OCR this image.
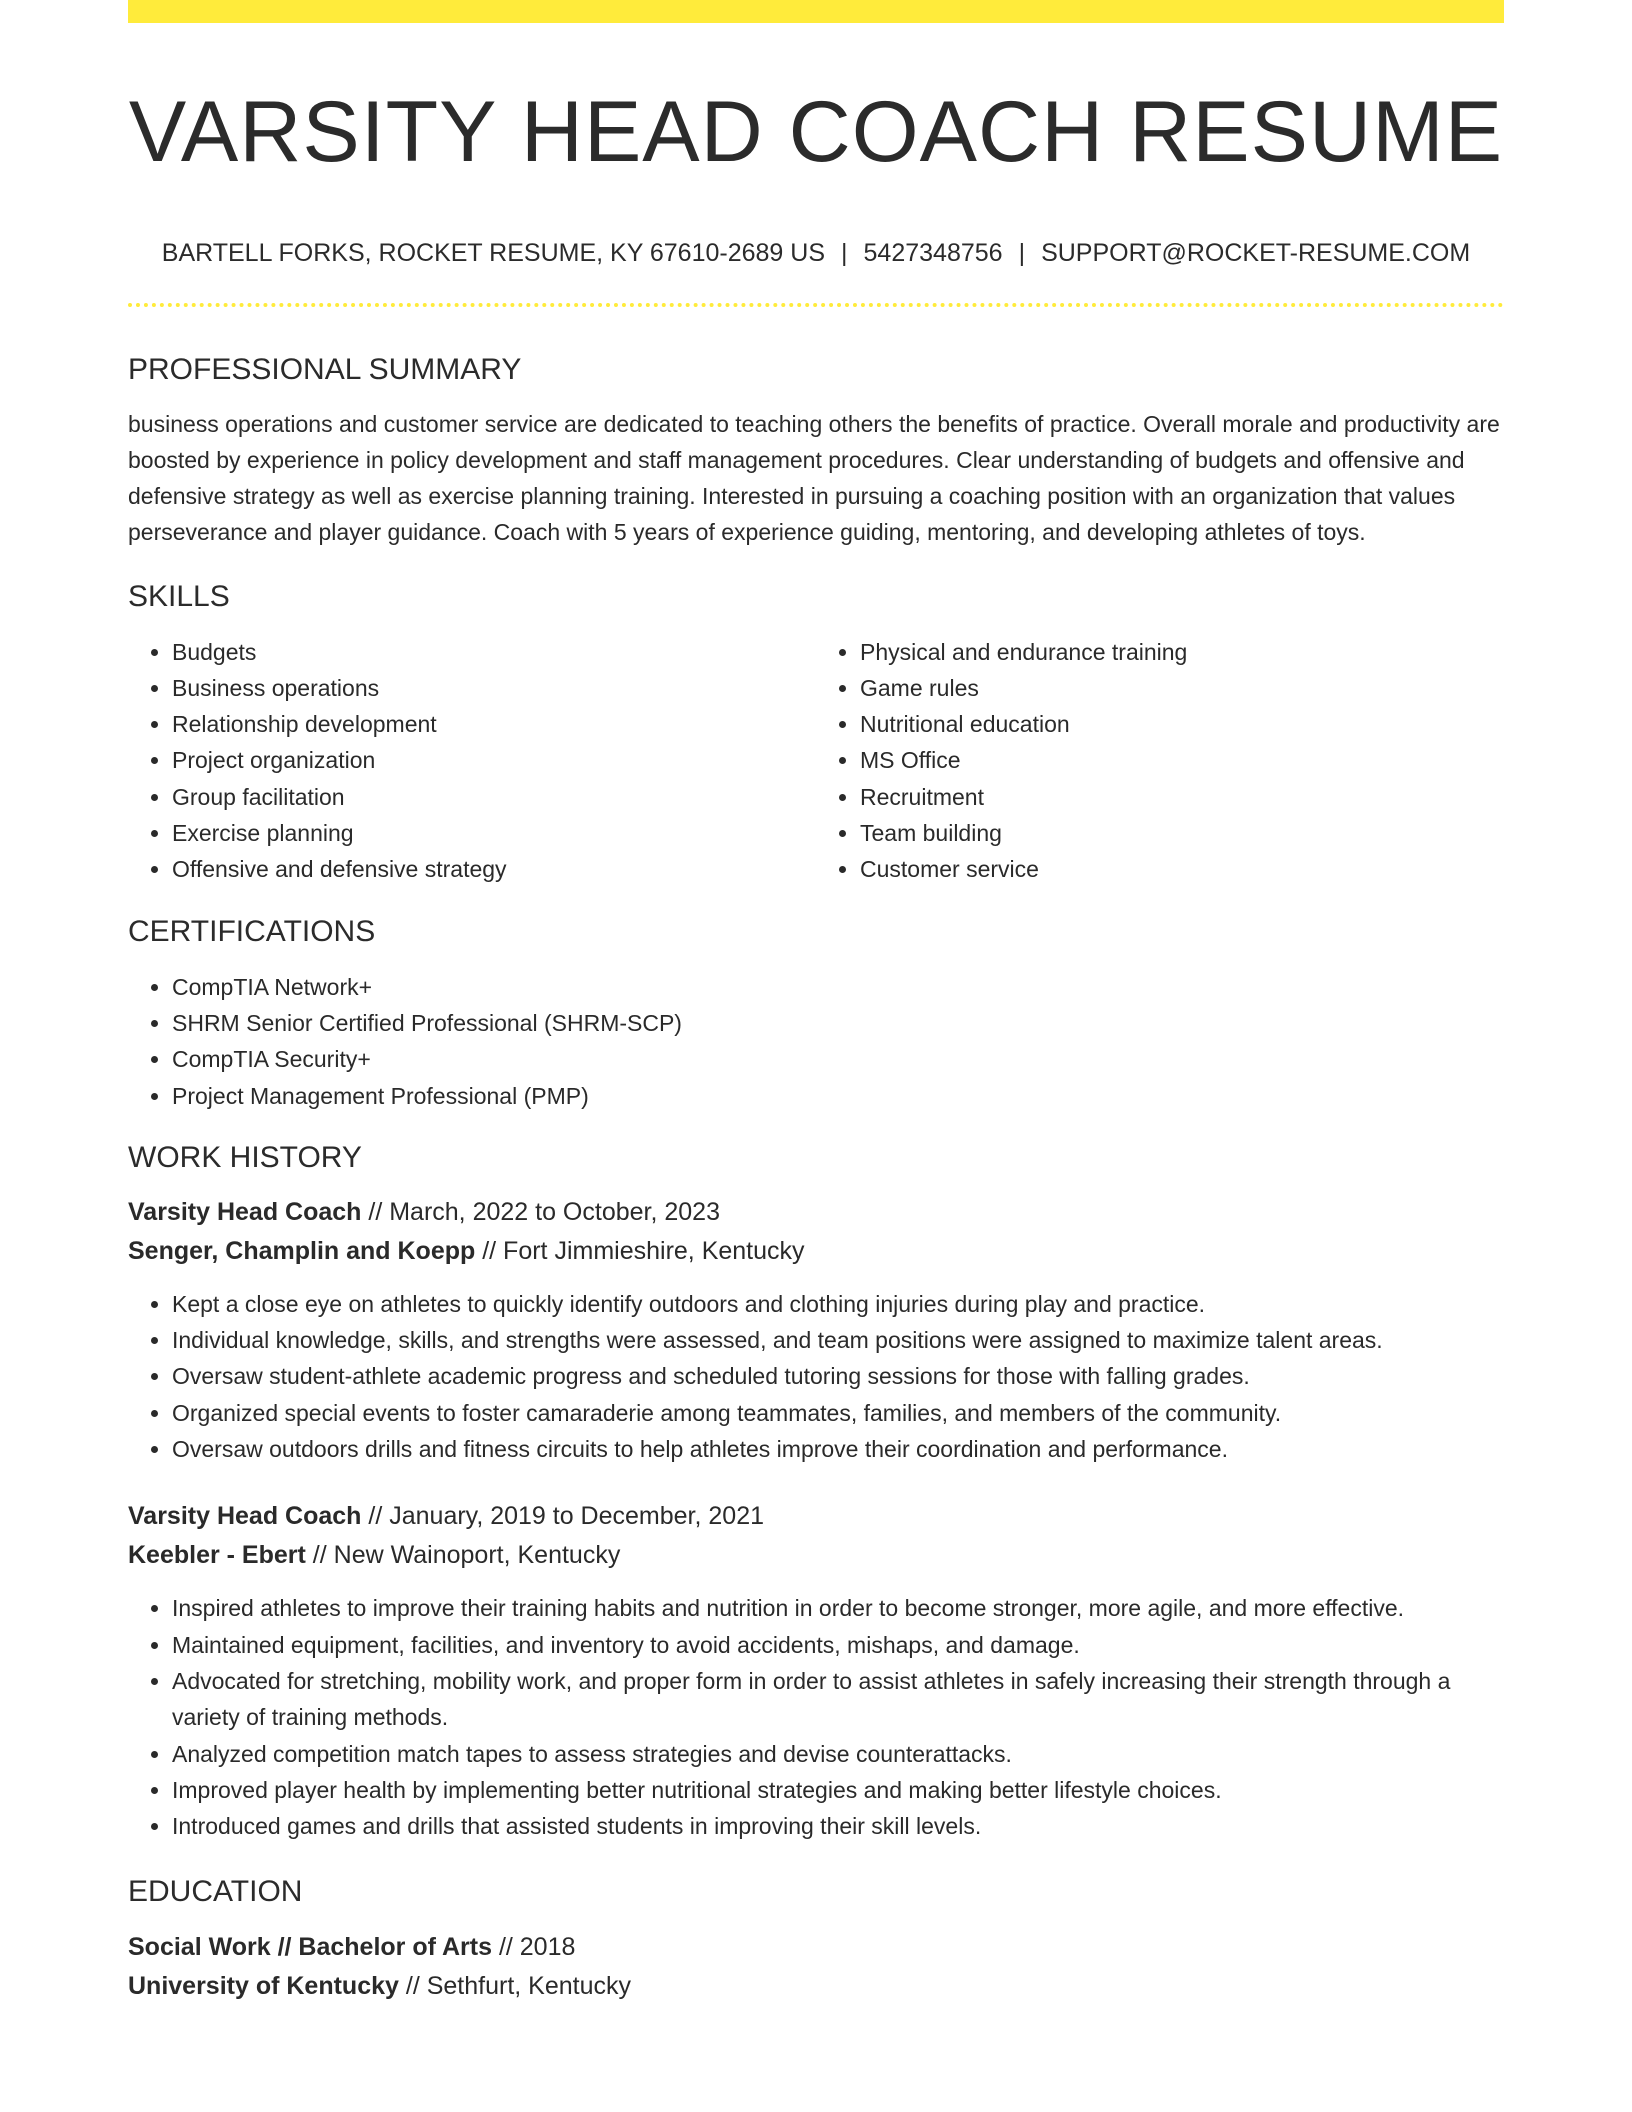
VARSITY HEAD COACH RESUME
BARTELL FORKS, ROCKET RESUME, KY 67610-2689 US | 5427348756 | SUPPORT@ROCKET-RESUME.COM
PROFESSIONAL SUMMARY
business operations and customer service are dedicated to teaching others the benefits of practice. Overall morale and productivity are boosted by experience in policy development and staff management procedures. Clear understanding of budgets and offensive and defensive strategy as well as exercise planning training. Interested in pursuing a coaching position with an organization that values perseverance and player guidance. Coach with 5 years of experience guiding, mentoring, and developing athletes of toys.
SKILLS
• Budgets
• Business operations
• Relationship development
• Project organization
• Group facilitation
• Exercise planning
• Offensive and defensive strategy
• Physical and endurance training
• Game rules
• Nutritional education
• MS Office
• Recruitment
• Team building
• Customer service
CERTIFICATIONS
• CompTIA Network+
• SHRM Senior Certified Professional (SHRM-SCP)
• CompTIA Security+
• Project Management Professional (PMP)
WORK HISTORY
Varsity Head Coach // March, 2022 to October, 2023
Senger, Champlin and Koepp // Fort Jimmieshire, Kentucky
• Kept a close eye on athletes to quickly identify outdoors and clothing injuries during play and practice.
• Individual knowledge, skills, and strengths were assessed, and team positions were assigned to maximize talent areas.
• Oversaw student-athlete academic progress and scheduled tutoring sessions for those with falling grades.
• Organized special events to foster camaraderie among teammates, families, and members of the community.
• Oversaw outdoors drills and fitness circuits to help athletes improve their coordination and performance.
Varsity Head Coach // January, 2019 to December, 2021
Keebler - Ebert // New Wainoport, Kentucky
• Inspired athletes to improve their training habits and nutrition in order to become stronger, more agile, and more effective.
• Maintained equipment, facilities, and inventory to avoid accidents, mishaps, and damage.
• Advocated for stretching, mobility work, and proper form in order to assist athletes in safely increasing their strength through a variety of training methods.
• Analyzed competition match tapes to assess strategies and devise counterattacks.
• Improved player health by implementing better nutritional strategies and making better lifestyle choices.
• Introduced games and drills that assisted students in improving their skill levels.
EDUCATION
Social Work // Bachelor of Arts // 2018
University of Kentucky // Sethfurt, Kentucky
